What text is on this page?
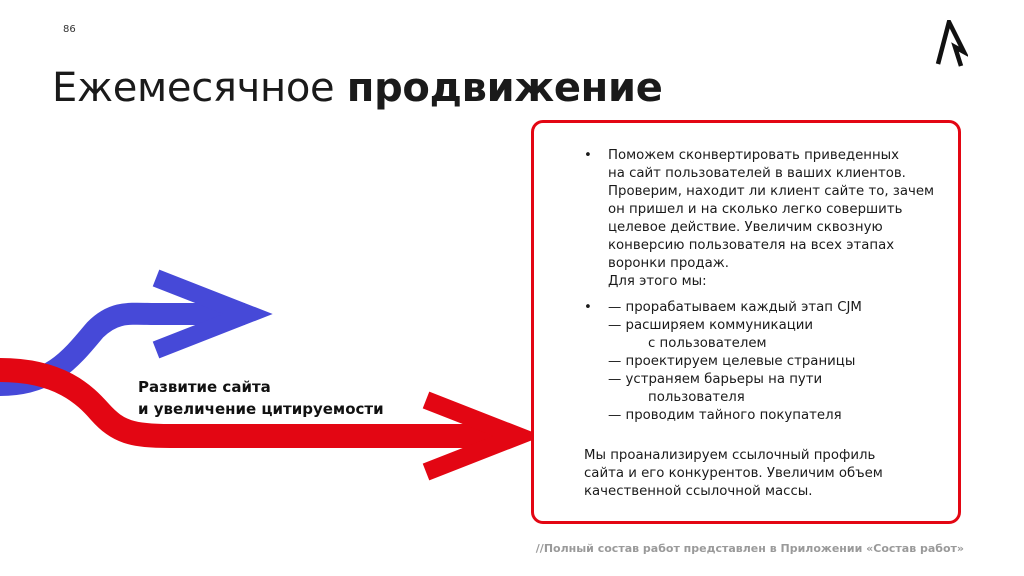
86
Ежемесячное продвижение
Развитие сайта
и увеличение цитируемости
• Поможем сконвертировать приведенных
на сайт пользователей в ваших клиентов.
Проверим, находит ли клиент сайте то, зачем
он пришел и на сколько легко совершить
целевое действие. Увеличим сквозную
конверсию пользователя на всех этапах
воронки продаж.
Для этого мы:
• — прорабатываем каждый этап CJM
— расширяем коммуникации
с пользователем
— проектируем целевые страницы
— устраняем барьеры на пути
пользователя
— проводим тайного покупателя
Мы проанализируем ссылочный профиль
сайта и его конкурентов. Увеличим объем
качественной ссылочной массы.
//Полный состав работ представлен в Приложении «Состав работ»
